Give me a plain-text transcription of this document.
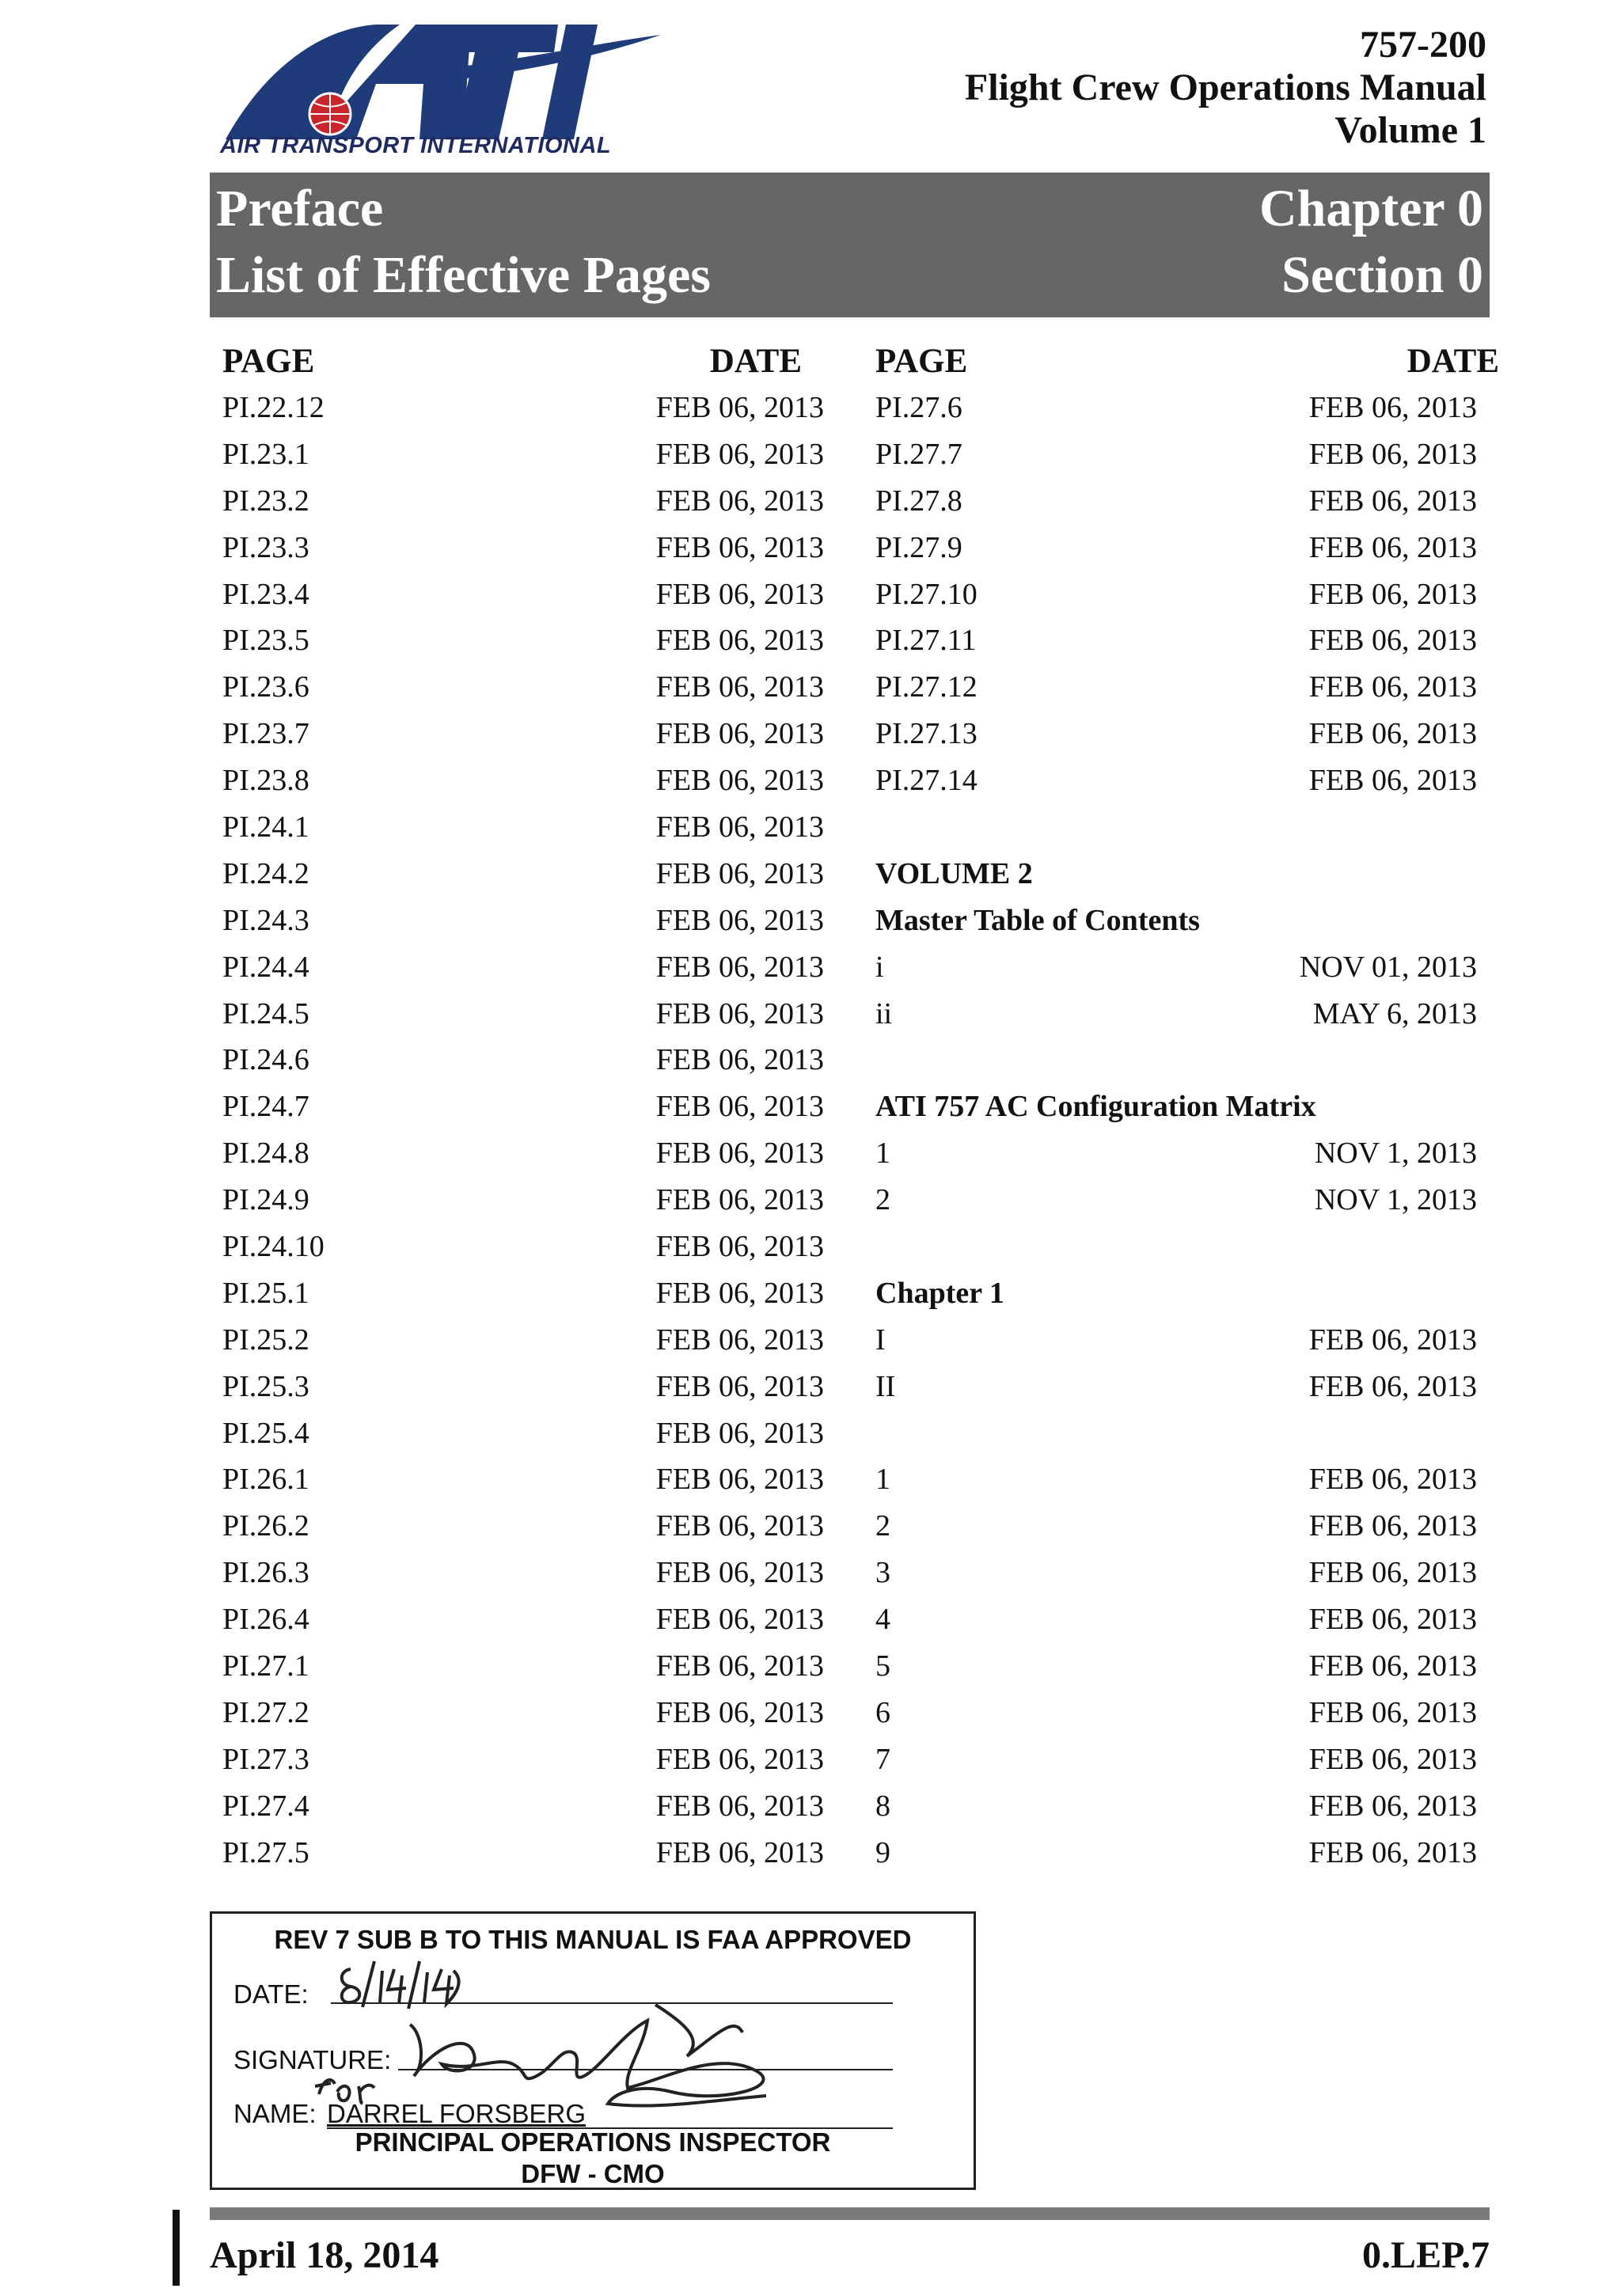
AIR TRANSPORT INTERNATIONAL
757-200
Flight Crew Operations Manual
Volume 1
Preface
List of Effective Pages
Chapter 0
Section 0
PAGE	DATE
PI.22.12	FEB 06, 2013
PI.23.1	FEB 06, 2013
PI.23.2	FEB 06, 2013
PI.23.3	FEB 06, 2013
PI.23.4	FEB 06, 2013
PI.23.5	FEB 06, 2013
PI.23.6	FEB 06, 2013
PI.23.7	FEB 06, 2013
PI.23.8	FEB 06, 2013
PI.24.1	FEB 06, 2013
PI.24.2	FEB 06, 2013
PI.24.3	FEB 06, 2013
PI.24.4	FEB 06, 2013
PI.24.5	FEB 06, 2013
PI.24.6	FEB 06, 2013
PI.24.7	FEB 06, 2013
PI.24.8	FEB 06, 2013
PI.24.9	FEB 06, 2013
PI.24.10	FEB 06, 2013
PI.25.1	FEB 06, 2013
PI.25.2	FEB 06, 2013
PI.25.3	FEB 06, 2013
PI.25.4	FEB 06, 2013
PI.26.1	FEB 06, 2013
PI.26.2	FEB 06, 2013
PI.26.3	FEB 06, 2013
PI.26.4	FEB 06, 2013
PI.27.1	FEB 06, 2013
PI.27.2	FEB 06, 2013
PI.27.3	FEB 06, 2013
PI.27.4	FEB 06, 2013
PI.27.5	FEB 06, 2013
PAGE	DATE
PI.27.6	FEB 06, 2013
PI.27.7	FEB 06, 2013
PI.27.8	FEB 06, 2013
PI.27.9	FEB 06, 2013
PI.27.10	FEB 06, 2013
PI.27.11	FEB 06, 2013
PI.27.12	FEB 06, 2013
PI.27.13	FEB 06, 2013
PI.27.14	FEB 06, 2013
VOLUME 2
Master Table of Contents
i	NOV 01, 2013
ii	MAY 6, 2013
ATI 757 AC Configuration Matrix
1	NOV 1, 2013
2	NOV 1, 2013
Chapter 1
I	FEB 06, 2013
II	FEB 06, 2013
1	FEB 06, 2013
2	FEB 06, 2013
3	FEB 06, 2013
4	FEB 06, 2013
5	FEB 06, 2013
6	FEB 06, 2013
7	FEB 06, 2013
8	FEB 06, 2013
9	FEB 06, 2013
REV 7 SUB B TO THIS MANUAL IS FAA APPROVED
DATE:
SIGNATURE:
NAME: DARREL FORSBERG
PRINCIPAL OPERATIONS INSPECTOR
DFW - CMO
April 18, 2014	0.LEP.7
